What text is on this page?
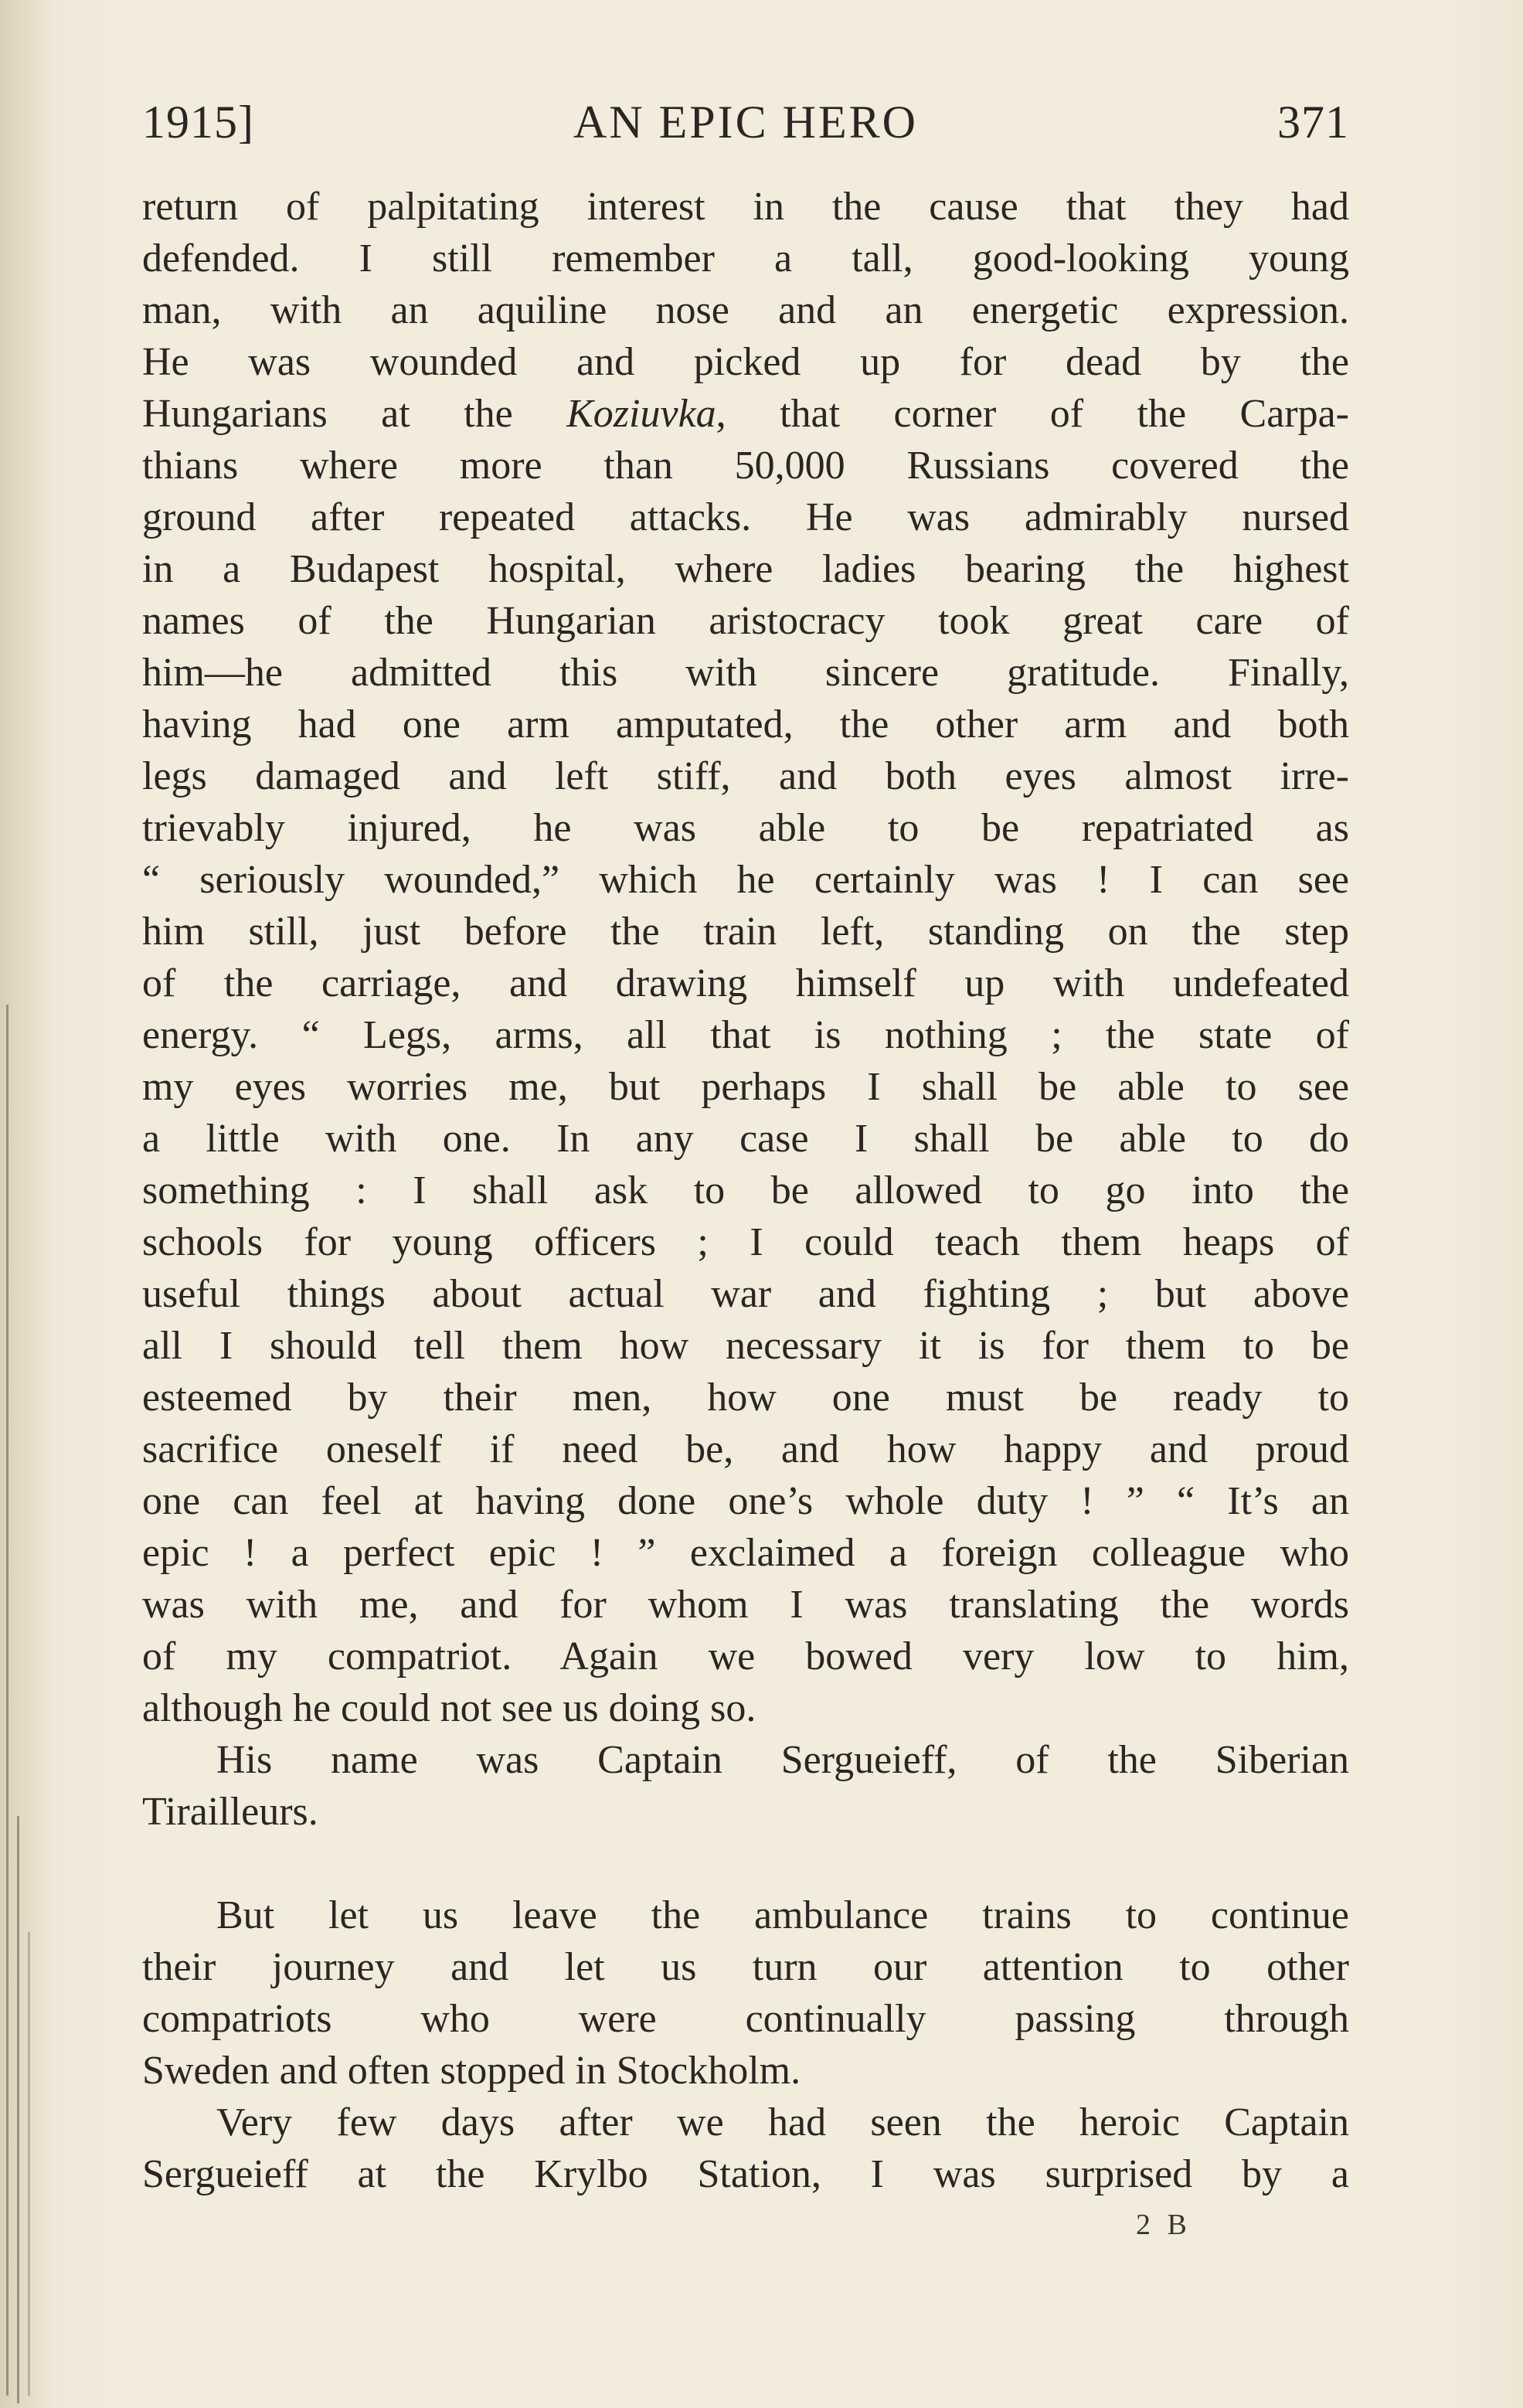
1915]	AN EPIC HERO	371
return of palpitating interest in the cause that they had
defended. I still remember a tall, good-looking young
man, with an aquiline nose and an energetic expression.
He was wounded and picked up for dead by the
Hungarians at the Koziuvka, that corner of the Carpa-
thians where more than 50,000 Russians covered the
ground after repeated attacks. He was admirably nursed
in a Budapest hospital, where ladies bearing the highest
names of the Hungarian aristocracy took great care of
him—he admitted this with sincere gratitude. Finally,
having had one arm amputated, the other arm and both
legs damaged and left stiff, and both eyes almost irre-
trievably injured, he was able to be repatriated as
“ seriously wounded,” which he certainly was ! I can see
him still, just before the train left, standing on the step
of the carriage, and drawing himself up with undefeated
energy. “ Legs, arms, all that is nothing ; the state of
my eyes worries me, but perhaps I shall be able to see
a little with one. In any case I shall be able to do
something : I shall ask to be allowed to go into the
schools for young officers ; I could teach them heaps of
useful things about actual war and fighting ; but above
all I should tell them how necessary it is for them to be
esteemed by their men, how one must be ready to
sacrifice oneself if need be, and how happy and proud
one can feel at having done one’s whole duty ! ” “ It’s an
epic ! a perfect epic ! ” exclaimed a foreign colleague who
was with me, and for whom I was translating the words
of my compatriot. Again we bowed very low to him,
although he could not see us doing so.
His name was Captain Sergueieff, of the Siberian
Tirailleurs.
But let us leave the ambulance trains to continue
their journey and let us turn our attention to other
compatriots who were continually passing through
Sweden and often stopped in Stockholm.
Very few days after we had seen the heroic Captain
Sergueieff at the Krylbo Station, I was surprised by a
2 B
